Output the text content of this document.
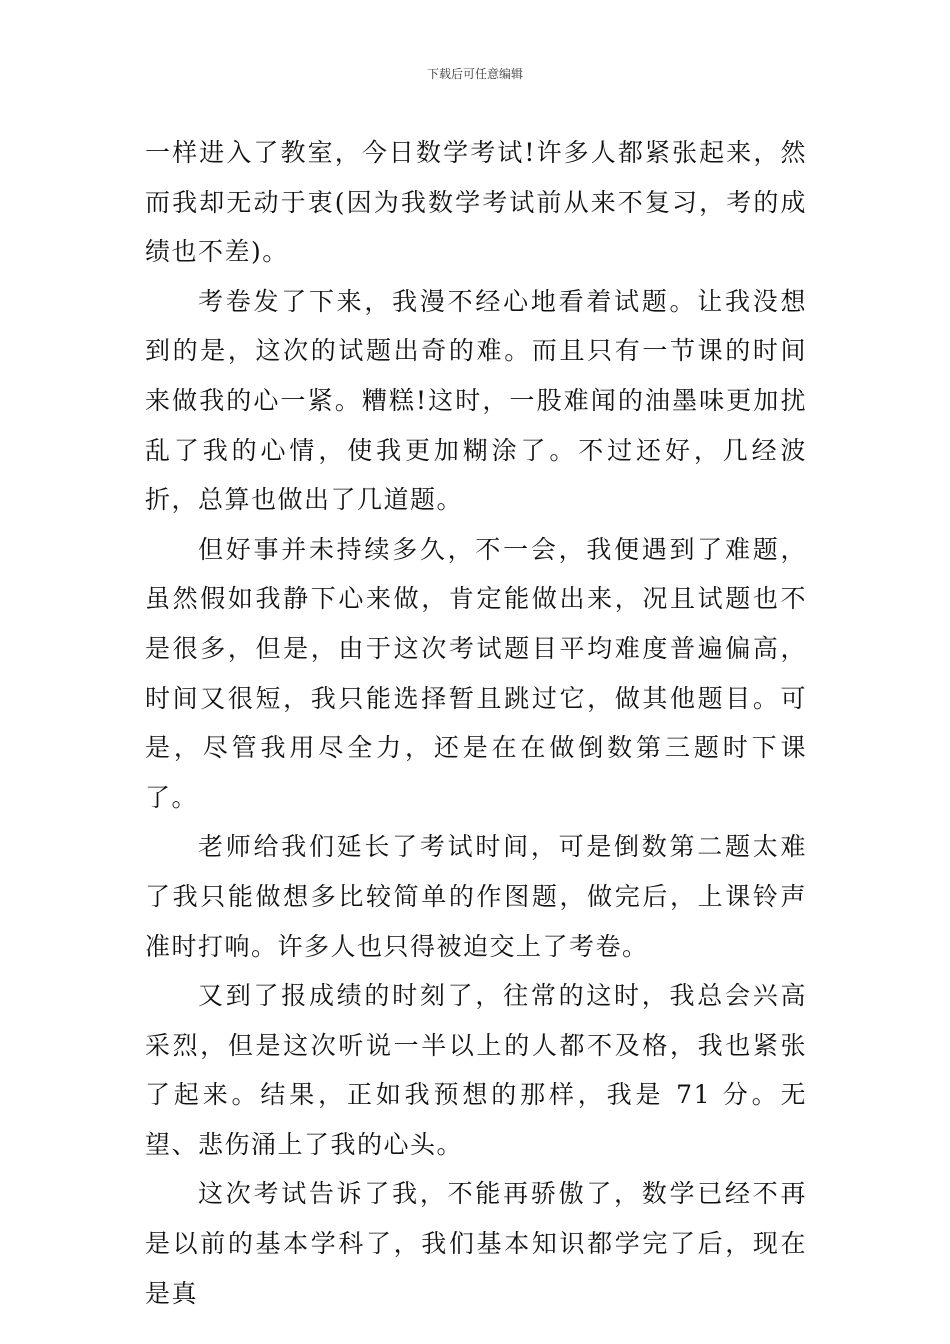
下载后可任意编辑

一样进入了教室，今日数学考试!许多人都紧张起来，然而我却无动于衷(因为我数学考试前从来不复习，考的成绩也不差)。

考卷发了下来，我漫不经心地看着试题。让我没想到的是，这次的试题出奇的难。而且只有一节课的时间来做我的心一紧。糟糕!这时，一股难闻的油墨味更加扰乱了我的心情，使我更加糊涂了。不过还好，几经波折，总算也做出了几道题。

但好事并未持续多久，不一会，我便遇到了难题，虽然假如我静下心来做，肯定能做出来，况且试题也不是很多，但是，由于这次考试题目平均难度普遍偏高，时间又很短，我只能选择暂且跳过它，做其他题目。可是，尽管我用尽全力，还是在在做倒数第三题时下课了。

老师给我们延长了考试时间，可是倒数第二题太难了我只能做想多比较简单的作图题，做完后，上课铃声准时打响。许多人也只得被迫交上了考卷。

又到了报成绩的时刻了，往常的这时，我总会兴高采烈，但是这次听说一半以上的人都不及格，我也紧张了起来。结果，正如我预想的那样，我是 71 分。无望、悲伤涌上了我的心头。

这次考试告诉了我，不能再骄傲了，数学已经不再是以前的基本学科了，我们基本知识都学完了后，现在是真
